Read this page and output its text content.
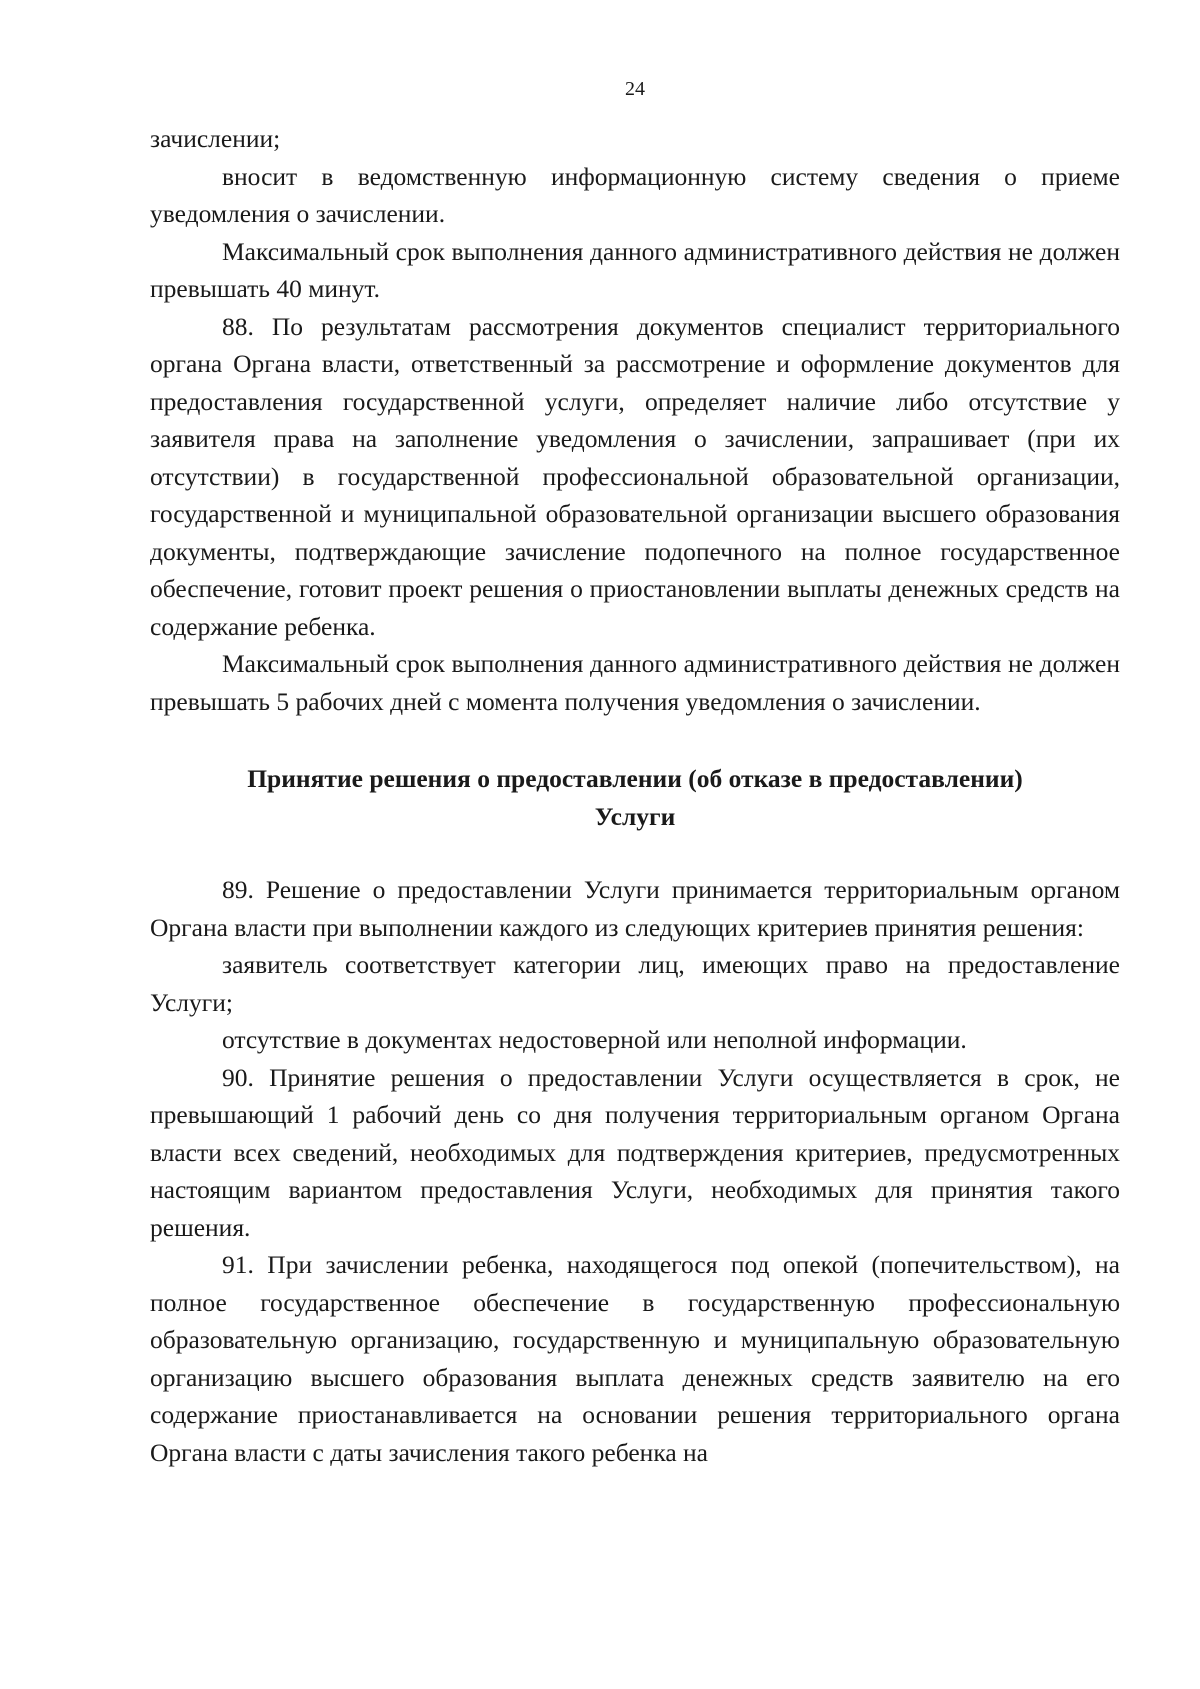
24

зачислении;

вносит в ведомственную информационную систему сведения о приеме уведомления о зачислении.

Максимальный срок выполнения данного административного действия не должен превышать 40 минут.

88. По результатам рассмотрения документов специалист территориального органа Органа власти, ответственный за рассмотрение и оформление документов для предоставления государственной услуги, определяет наличие либо отсутствие у заявителя права на заполнение уведомления о зачислении, запрашивает (при их отсутствии) в государственной профессиональной образовательной организации, государственной и муниципальной образовательной организации высшего образования документы, подтверждающие зачисление подопечного на полное государственное обеспечение, готовит проект решения о приостановлении выплаты денежных средств на содержание ребенка.

Максимальный срок выполнения данного административного действия не должен превышать 5 рабочих дней с момента получения уведомления о зачислении.

Принятие решения о предоставлении (об отказе в предоставлении)
Услуги

89. Решение о предоставлении Услуги принимается территориальным органом Органа власти при выполнении каждого из следующих критериев принятия решения:

заявитель соответствует категории лиц, имеющих право на предоставление Услуги;

отсутствие в документах недостоверной или неполной информации.

90. Принятие решения о предоставлении Услуги осуществляется в срок, не превышающий 1 рабочий день со дня получения территориальным органом Органа власти всех сведений, необходимых для подтверждения критериев, предусмотренных настоящим вариантом предоставления Услуги, необходимых для принятия такого решения.

91. При зачислении ребенка, находящегося под опекой (попечительством), на полное государственное обеспечение в государственную профессиональную образовательную организацию, государственную и муниципальную образовательную организацию высшего образования выплата денежных средств заявителю на его содержание приостанавливается на основании решения территориального органа Органа власти с даты зачисления такого ребенка на
